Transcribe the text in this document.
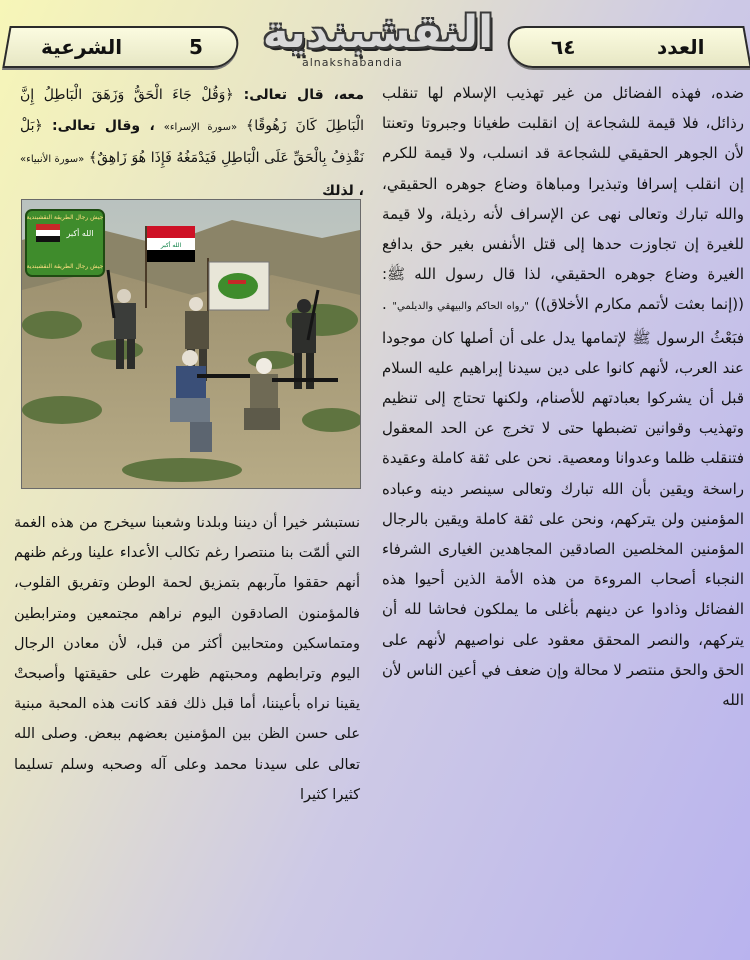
الشرعية	5 النقشبندية
alnakshabandia
٦٤	العدد
ضده، فهذه الفضائل من غير تهذيب الإسلام لها تنقلب رذائل، فلا قيمة للشجاعة إن انقلبت طغيانا وجبروتا وتعنتا لأن الجوهر الحقيقي للشجاعة قد انسلب، ولا قيمة للكرم إن انقلب إسرافا وتبذيرا ومباهاة وضاع جوهره الحقيقي، والله تبارك وتعالى نهى عن الإسراف لأنه رذيلة، ولا قيمة للغيرة إن تجاوزت حدها إلى قتل الأنفس بغير حق بدافع الغيرة وضاع جوهره الحقيقي، لذا قال رسول الله ﷺ: ((إنما بعثت لأتمم مكارم الأخلاق)) "رواه الحاكم والبيهقي والديلمي" . فبَعْثُ الرسول ﷺ لإتمامها يدل على أن أصلها كان موجودا عند العرب، لأنهم كانوا على دين سيدنا إبراهيم عليه السلام قبل أن يشركوا بعبادتهم للأصنام، ولكنها تحتاج إلى تنظيم وتهذيب وقوانين تضبطها حتى لا تخرج عن الحد المعقول فتنقلب ظلما وعدوانا ومعصية. نحن على ثقة كاملة وعقيدة راسخة ويقين بأن الله تبارك وتعالى سينصر دينه وعباده المؤمنين ولن يتركهم، ونحن على ثقة كاملة ويقين بالرجال المؤمنين المخلصين الصادقين المجاهدين الغيارى الشرفاء النجباء أصحاب المروءة من هذه الأمة الذين أحيوا هذه الفضائل وذادوا عن دينهم بأغلى ما يملكون فحاشا لله أن يتركهم، والنصر المحقق معقود على نواصيهم لأنهم على الحق والحق منتصر لا محالة وإن ضعف في أعين الناس لأن الله
معه، قال تعالى: ﴿وَقُلْ جَاءَ الْحَقُّ وَزَهَقَ الْبَاطِلُ إِنَّ الْبَاطِلَ كَانَ زَهُوقًا﴾ «سورة الإسراء» ، وقال تعالى: ﴿بَلْ نَقْذِفُ بِالْحَقِّ عَلَى الْبَاطِلِ فَيَدْمَغُهُ فَإِذَا هُوَ زَاهِقٌ﴾ «سورة الأنبياء» ، لذلك
جيش رجال الطريقة النقشبندية
الله أكبر
جيش رجال الطريقة النقشبندية
الله أكبر
نستبشر خيرا أن ديننا وبلدنا وشعبنا سيخرج من هذه الغمة التي ألمّت بنا منتصرا رغم تكالب الأعداء علينا ورغم ظنهم أنهم حققوا مآربهم بتمزيق لحمة الوطن وتفريق القلوب، فالمؤمنون الصادقون اليوم نراهم مجتمعين ومترابطين ومتماسكين ومتحابين أكثر من قبل، لأن معادن الرجال اليوم وترابطهم ومحبتهم ظهرت على حقيقتها وأصبحتْ يقينا نراه بأعيننا، أما قبل ذلك فقد كانت هذه المحبة مبنية على حسن الظن بين المؤمنين بعضهم ببعض. وصلى الله تعالى على سيدنا محمد وعلى آله وصحبه وسلم تسليما كثيرا كثيرا
